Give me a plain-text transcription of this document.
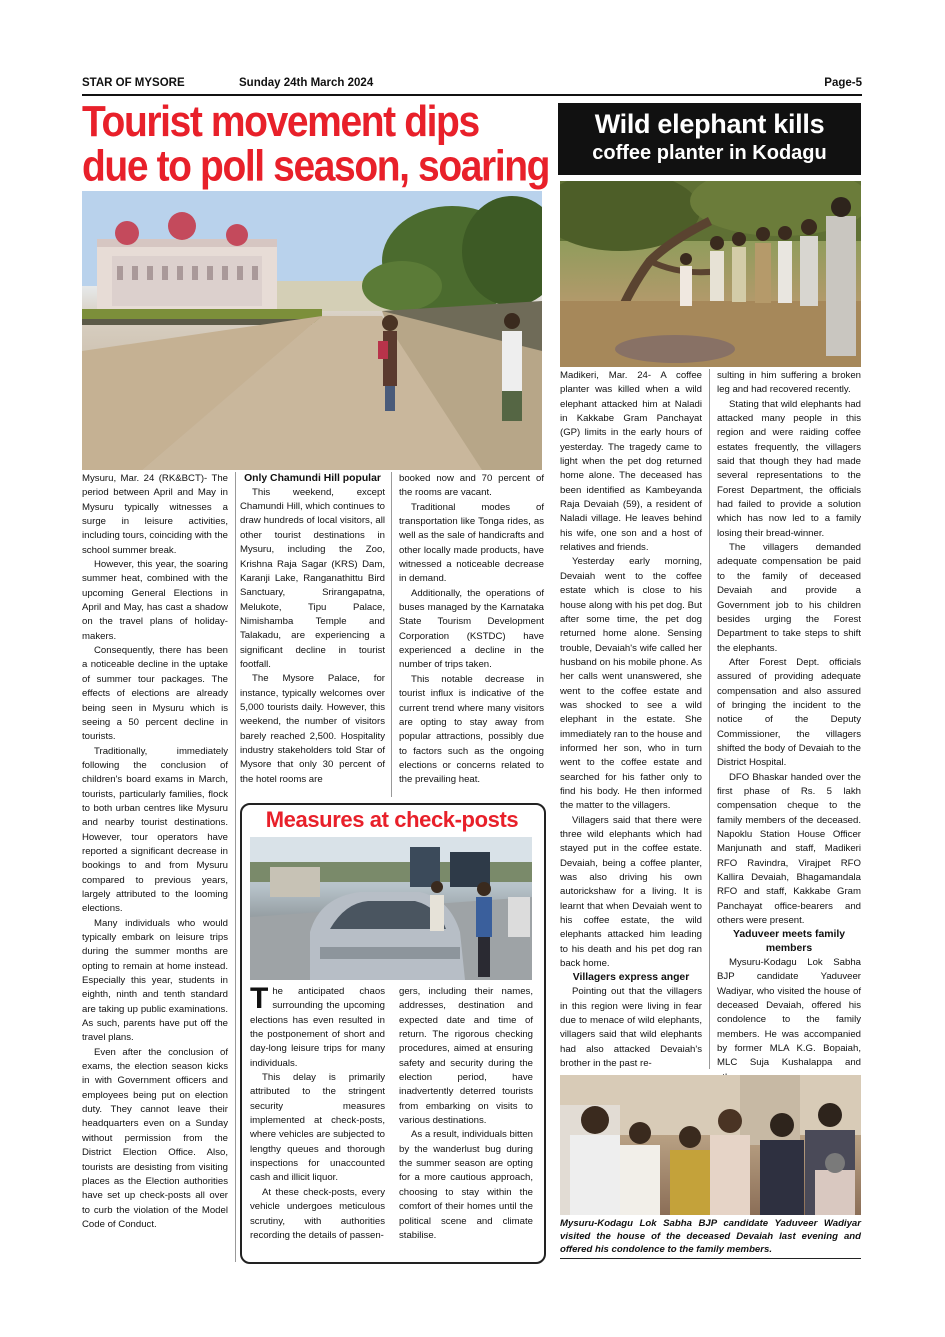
STAR OF MYSORE	Sunday 24th March 2024	Page-5
Tourist movement dips due to poll season, soaring

Mysuru, Mar. 24 (RK&BCT)- The period between April and May in Mysuru typically witnesses a surge in leisure activities, including tours, coinciding with the school summer break.

However, this year, the soaring summer heat, combined with the upcoming General Elections in April and May, has cast a shadow on the travel plans of holiday-makers.

Consequently, there has been a noticeable decline in the uptake of summer tour packages. The effects of elections are already being seen in Mysuru which is seeing a 50 percent decline in tourists.

Traditionally, immediately following the conclusion of children's board exams in March, tourists, particularly families, flock to both urban centres like Mysuru and nearby tourist destinations. However, tour operators have reported a significant decrease in bookings to and from Mysuru compared to previous years, largely attributed to the looming elections.

Many individuals who would typically embark on leisure trips during the summer months are opting to remain at home instead. Especially this year, students in eighth, ninth and tenth standard are taking up public examinations. As such, parents have put off the travel plans.

Even after the conclusion of exams, the election season kicks in with Government officers and employees being put on election duty. They cannot leave their headquarters even on a Sunday without permission from the District Election Office. Also, tourists are desisting from visiting places as the Election authorities have set up check-posts all over to curb the violation of the Model Code of Conduct.

Only Chamundi Hill popular

This weekend, except Chamundi Hill, which continues to draw hundreds of local visitors, all other tourist destinations in Mysuru, including the Zoo, Krishna Raja Sagar (KRS) Dam, Karanji Lake, Ranganathittu Bird Sanctuary, Srirangapatna, Melukote, Tipu Palace, Nimishamba Temple and Talakadu, are experiencing a significant decline in tourist footfall.

The Mysore Palace, for instance, typically welcomes over 5,000 tourists daily. However, this weekend, the number of visitors barely reached 2,500. Hospitality industry stakeholders told Star of Mysore that only 30 percent of the hotel rooms are

booked now and 70 percent of the rooms are vacant.

Traditional modes of transportation like Tonga rides, as well as the sale of handicrafts and other locally made products, have witnessed a noticeable decrease in demand.

Additionally, the operations of buses managed by the Karnataka State Tourism Development Corporation (KSTDC) have experienced a decline in the number of trips taken.

This notable decrease in tourist influx is indicative of the current trend where many visitors are opting to stay away from popular attractions, possibly due to factors such as the ongoing elections or concerns related to the prevailing heat.

Measures at check-posts

The anticipated chaos surrounding the upcoming elections has even resulted in the postponement of short and day-long leisure trips for many individuals.

This delay is primarily attributed to the stringent security measures implemented at check-posts, where vehicles are subjected to lengthy queues and thorough inspections for unaccounted cash and illicit liquor.

At these check-posts, every vehicle undergoes meticulous scrutiny, with authorities recording the details of passen-

gers, including their names, addresses, destination and expected date and time of return. The rigorous checking procedures, aimed at ensuring safety and security during the election period, have inadvertently deterred tourists from embarking on visits to various destinations.

As a result, individuals bitten by the wanderlust bug during the summer season are opting for a more cautious approach, choosing to stay within the comfort of their homes until the political scene and climate stabilise.

Wild elephant kills
coffee planter in Kodagu

Madikeri, Mar. 24- A coffee planter was killed when a wild elephant attacked him at Naladi in Kakkabe Gram Panchayat (GP) limits in the early hours of yesterday. The tragedy came to light when the pet dog returned home alone. The deceased has been identified as Kambeyanda Raja Devaiah (59), a resident of Naladi village. He leaves behind his wife, one son and a host of relatives and friends.

Yesterday early morning, Devaiah went to the coffee estate which is close to his house along with his pet dog. But after some time, the pet dog returned home alone. Sensing trouble, Devaiah's wife called her husband on his mobile phone. As her calls went unanswered, she went to the coffee estate and was shocked to see a wild elephant in the estate. She immediately ran to the house and informed her son, who in turn went to the coffee estate and searched for his father only to find his body. He then informed the matter to the villagers.

Villagers said that there were three wild elephants which had stayed put in the coffee estate. Devaiah, being a coffee planter, was also driving his own autorickshaw for a living. It is learnt that when Devaiah went to his coffee estate, the wild elephants attacked him leading to his death and his pet dog ran back home.

Villagers express anger

Pointing out that the villagers in this region were living in fear due to menace of wild elephants, villagers said that wild elephants had also attacked Devaiah's brother in the past re-

sulting in him suffering a broken leg and had recovered recently.

Stating that wild elephants had attacked many people in this region and were raiding coffee estates frequently, the villagers said that though they had made several representations to the Forest Department, the officials had failed to provide a solution which has now led to a family losing their bread-winner.

The villagers demanded adequate compensation be paid to the family of deceased Devaiah and provide a Government job to his children besides urging the Forest Department to take steps to shift the elephants.

After Forest Dept. officials assured of providing adequate compensation and also assured of bringing the incident to the notice of the Deputy Commissioner, the villagers shifted the body of Devaiah to the District Hospital.

DFO Bhaskar handed over the first phase of Rs. 5 lakh compensation cheque to the family members of the deceased. Napoklu Station House Officer Manjunath and staff, Madikeri RFO Ravindra, Virajpet RFO Kallira Devaiah, Bhagamandala RFO and staff, Kakkabe Gram Panchayat office-bearers and others were present.

Yaduveer meets family members

Mysuru-Kodagu Lok Sabha BJP candidate Yaduveer Wadiyar, who visited the house of deceased Devaiah, offered his condolence to the family members. He was accompanied by former MLA K.G. Bopaiah, MLC Suja Kushalappa and

Mysuru-Kodagu Lok Sabha BJP candidate Yaduveer Wadiyar visited the house of the deceased Devaiah last evening and offered his condolence to the family members.
